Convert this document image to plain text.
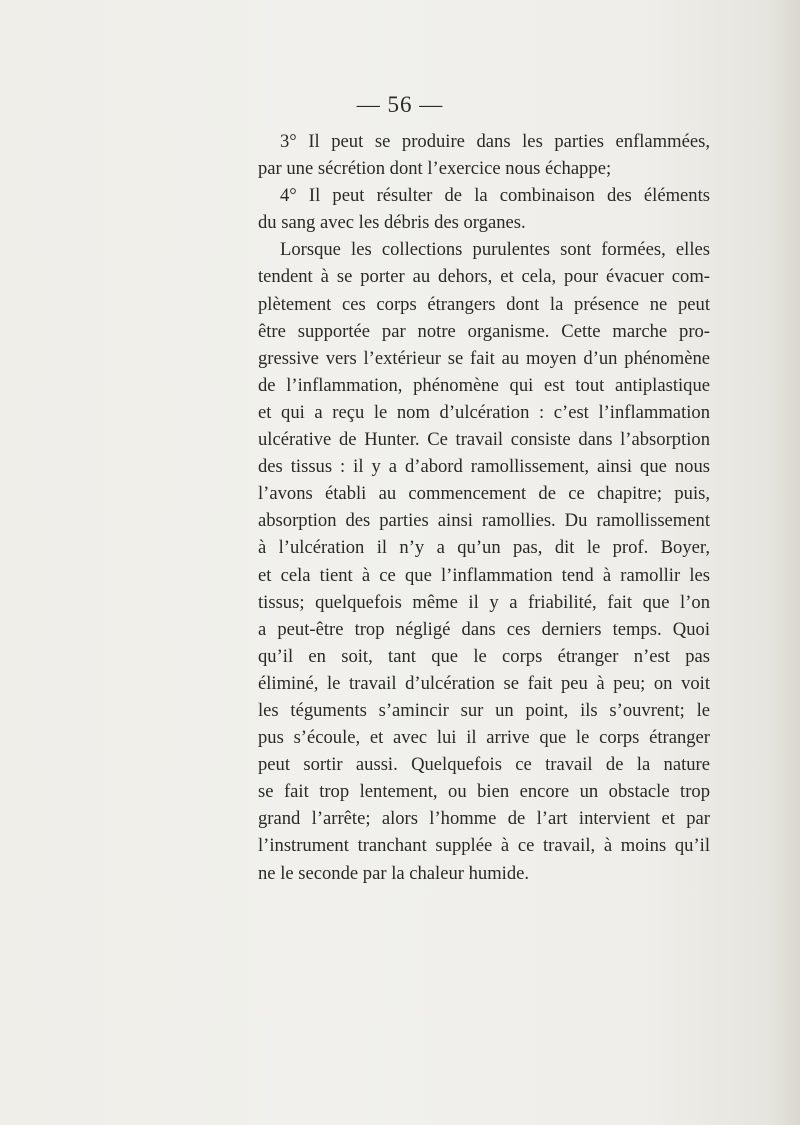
— 56 —
3° Il peut se produire dans les parties enflammées,
par une sécrétion dont l’exercice nous échappe;
4° Il peut résulter de la combinaison des éléments
du sang avec les débris des organes.
Lorsque les collections purulentes sont formées, elles
tendent à se porter au dehors, et cela, pour évacuer com-
plètement ces corps étrangers dont la présence ne peut
être supportée par notre organisme. Cette marche pro-
gressive vers l’extérieur se fait au moyen d’un phénomène
de l’inflammation, phénomène qui est tout antiplastique
et qui a reçu le nom d’ulcération : c’est l’inflammation
ulcérative de Hunter. Ce travail consiste dans l’absorption
des tissus : il y a d’abord ramollissement, ainsi que nous
l’avons établi au commencement de ce chapitre; puis,
absorption des parties ainsi ramollies. Du ramollissement
à l’ulcération il n’y a qu’un pas, dit le prof. Boyer,
et cela tient à ce que l’inflammation tend à ramollir les
tissus; quelquefois même il y a friabilité, fait que l’on
a peut-être trop négligé dans ces derniers temps. Quoi
qu’il en soit, tant que le corps étranger n’est pas
éliminé, le travail d’ulcération se fait peu à peu; on voit
les téguments s’amincir sur un point, ils s’ouvrent; le
pus s’écoule, et avec lui il arrive que le corps étranger
peut sortir aussi. Quelquefois ce travail de la nature
se fait trop lentement, ou bien encore un obstacle trop
grand l’arrête; alors l’homme de l’art intervient et par
l’instrument tranchant supplée à ce travail, à moins qu’il
ne le seconde par la chaleur humide.
